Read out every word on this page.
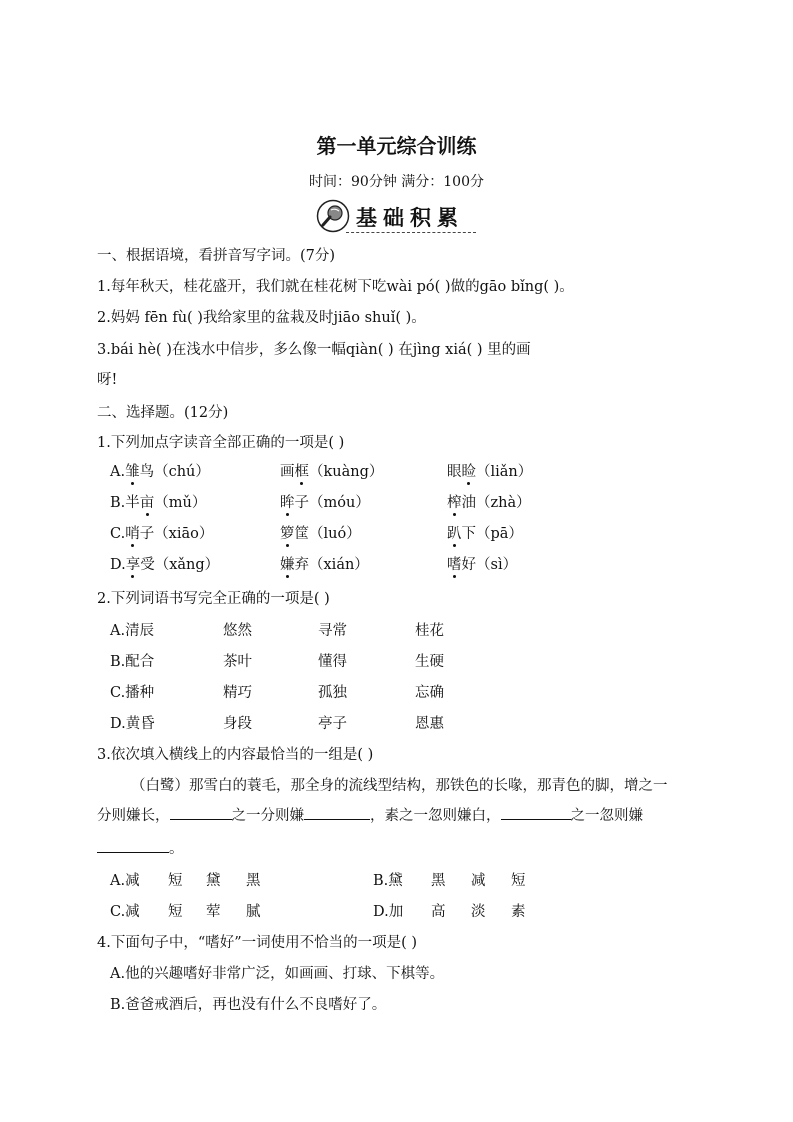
第一单元综合训练
时间：90分钟 满分：100分
基础积累
一、根据语境，看拼音写字词。(7分)
1.每年秋天，桂花盛开，我们就在桂花树下吃wài pó( )做的gāo bǐng( )。
2.妈妈 fēn fù( )我给家里的盆栽及时jiāo shuǐ( )。
3.bái hè( )在浅水中信步，多么像一幅qiàn( ) 在jìng xiá( ) 里的画
呀!
二、选择题。(12分)
1.下列加点字读音全部正确的一项是( )
A.雏鸟（chú）	画框（kuàng）	眼睑（liǎn）
B.半亩（mǔ）	眸子（móu）	榨油（zhà）
C.哨子（xiāo）	箩筐（luó）	趴下（pā）
D.享受（xǎng）	嫌弃（xián）	嗜好（sì）
2.下列词语书写完全正确的一项是( )
A.清辰	悠然	寻常	桂花
B.配合	茶叶	懂得	生硬
C.播种	精巧	孤独	忘确
D.黄昏	身段	亭子	恩惠
3.依次填入横线上的内容最恰当的一组是( )
（白鹭）那雪白的蓑毛，那全身的流线型结构，那铁色的长喙，那青色的脚，增之一
分则嫌长，	之一分则嫌	，素之一忽则嫌白，	之一忽则嫌
。
A.减 短 黛 黑	B.黛 黑 减 短
C.减 短 荤 腻	D.加 高 淡 素
4.下面句子中，“嗜好”一词使用不恰当的一项是( )
A.他的兴趣嗜好非常广泛，如画画、打球、下棋等。
B.爸爸戒酒后，再也没有什么不良嗜好了。
